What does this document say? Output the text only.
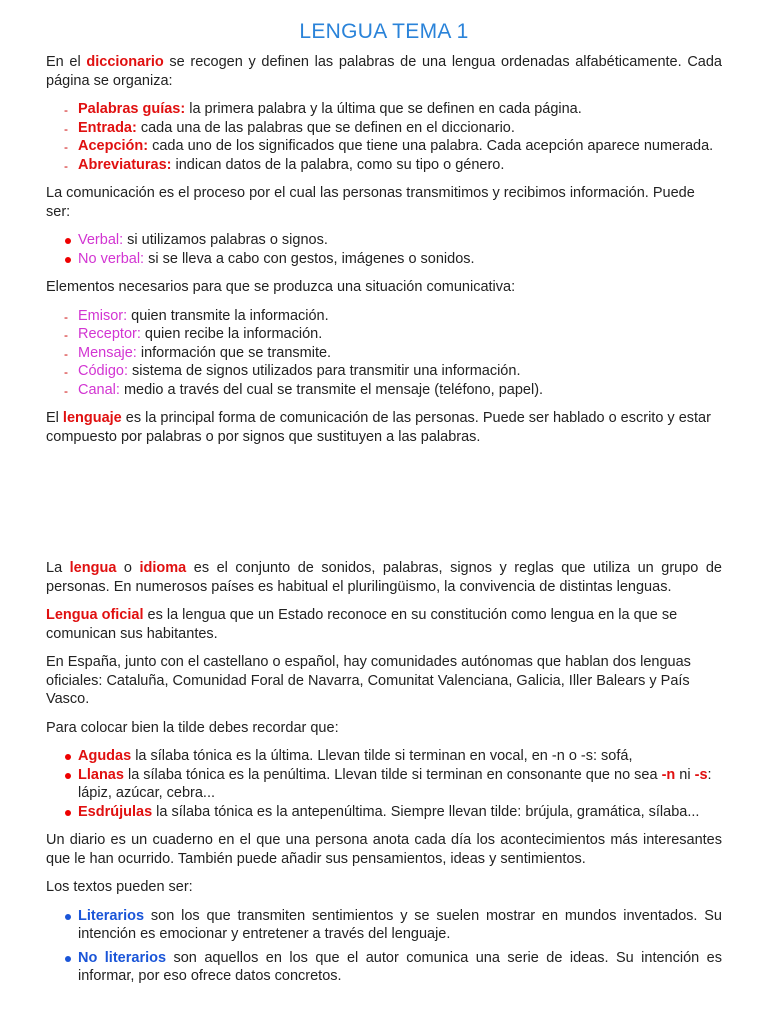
LENGUA TEMA 1

En el diccionario se recogen y definen las palabras de una lengua ordenadas alfabéticamente. Cada página se organiza:

- Palabras guías: la primera palabra y la última que se definen en cada página.
- Entrada: cada una de las palabras que se definen en el diccionario.
- Acepción: cada uno de los significados que tiene una palabra. Cada acepción aparece numerada.
- Abreviaturas: indican datos de la palabra, como su tipo o género.

La comunicación es el proceso por el cual las personas transmitimos y recibimos información. Puede ser:

Verbal: si utilizamos palabras o signos.
No verbal: si se lleva a cabo con gestos, imágenes o sonidos.

Elementos necesarios para que se produzca una situación comunicativa:

- Emisor: quien transmite la información.
- Receptor: quien recibe la información.
- Mensaje: información que se transmite.
- Código: sistema de signos utilizados para transmitir una información.
- Canal: medio a través del cual se transmite el mensaje (teléfono, papel).

El lenguaje es la principal forma de comunicación de las personas. Puede ser hablado o escrito y estar compuesto por palabras o por signos que sustituyen a las palabras.

La lengua o idioma es el conjunto de sonidos, palabras, signos y reglas que utiliza un grupo de personas. En numerosos países es habitual el plurilingüismo, la convivencia de distintas lenguas.

Lengua oficial es la lengua que un Estado reconoce en su constitución como lengua en la que se comunican sus habitantes.

En España, junto con el castellano o español, hay comunidades autónomas que hablan dos lenguas oficiales: Cataluña, Comunidad Foral de Navarra, Comunitat Valenciana, Galicia, Iller Balears y País Vasco.

Para colocar bien la tilde debes recordar que:

Agudas la sílaba tónica es la última. Llevan tilde si terminan en vocal, en -n o -s: sofá,
Llanas la sílaba tónica es la penúltima. Llevan tilde si terminan en consonante que no sea -n ni -s: lápiz, azúcar, cebra...
Esdrújulas la sílaba tónica es la antepenúltima. Siempre llevan tilde: brújula, gramática, sílaba...

Un diario es un cuaderno en el que una persona anota cada día los acontecimientos más interesantes que le han ocurrido. También puede añadir sus pensamientos, ideas y sentimientos.

Los textos pueden ser:

Literarios son los que transmiten sentimientos y se suelen mostrar en mundos inventados. Su intención es emocionar y entretener a través del lenguaje.
No literarios son aquellos en los que el autor comunica una serie de ideas. Su intención es informar, por eso ofrece datos concretos.
